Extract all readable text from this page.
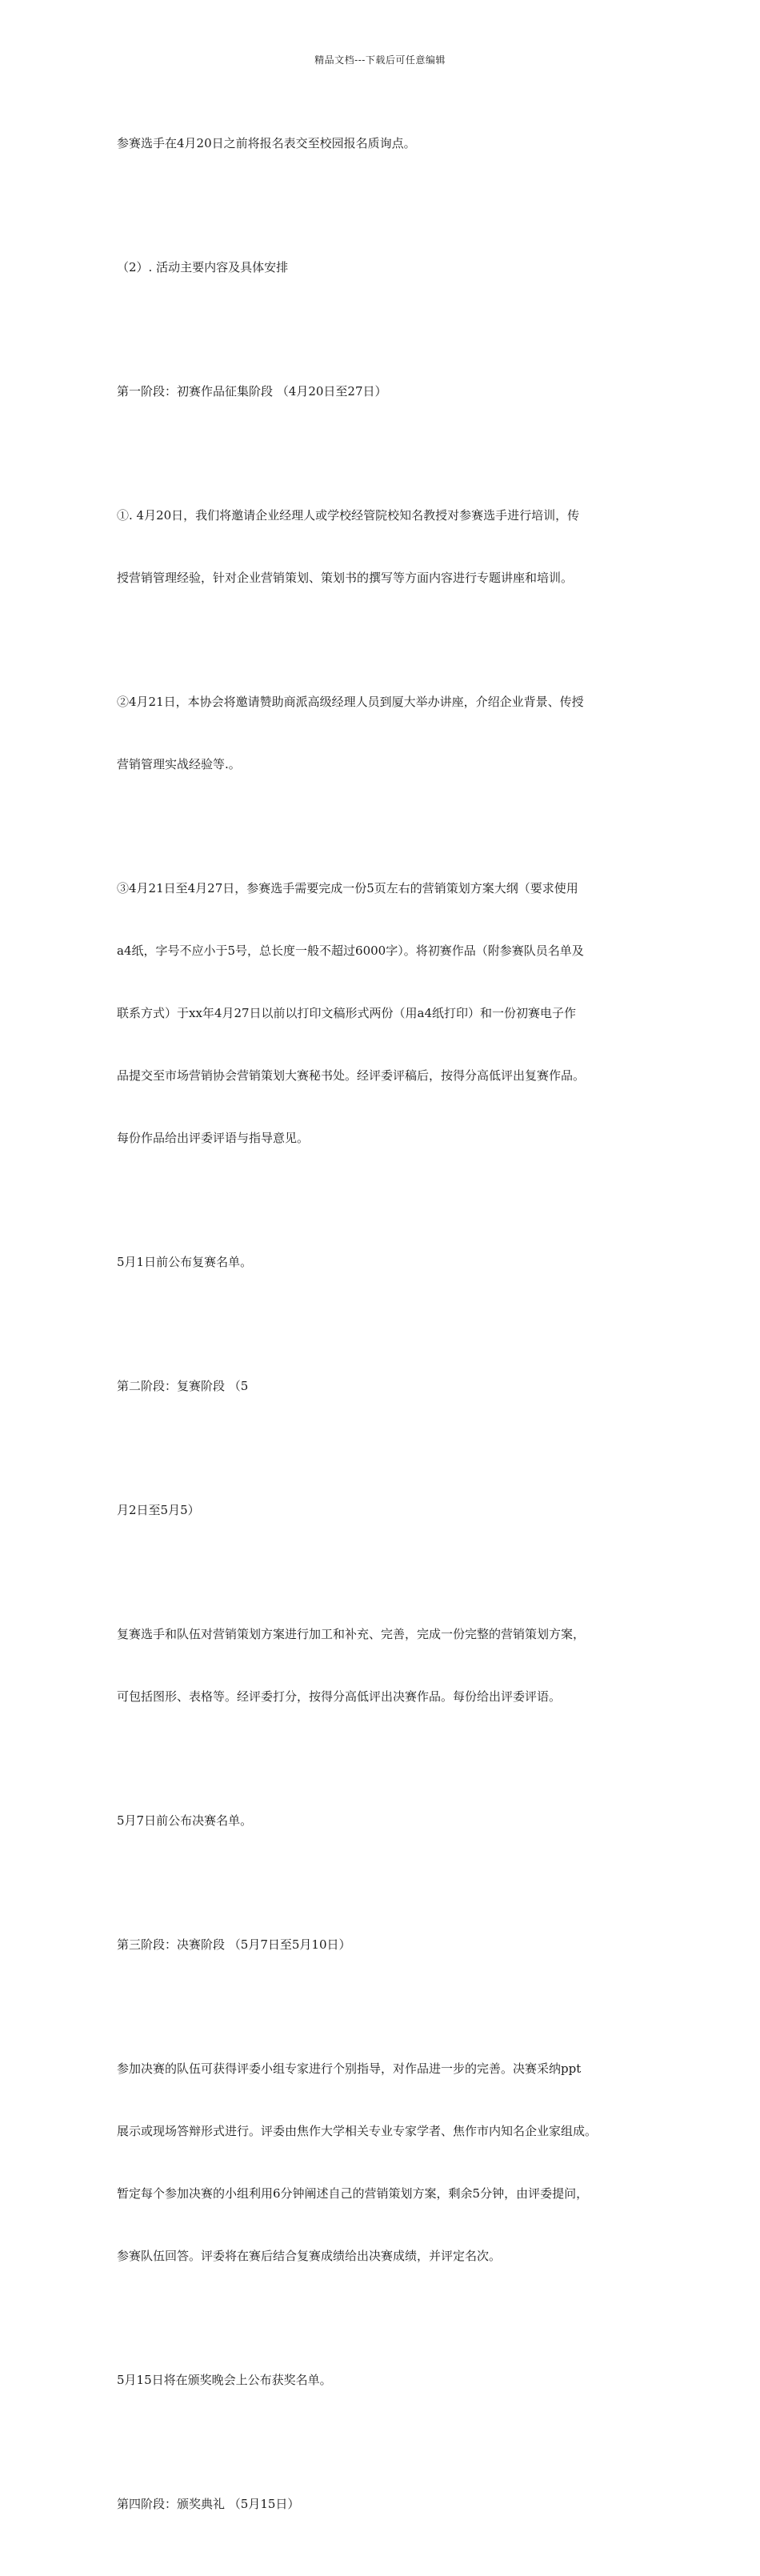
精品文档---下载后可任意编辑

参赛选手在4月20日之前将报名表交至校园报名质询点。

（2）. 活动主要内容及具体安排

第一阶段：初赛作品征集阶段 （4月20日至27日）

①. 4月20日，我们将邀请企业经理人或学校经管院校知名教授对参赛选手进行培训，传

授营销管理经验，针对企业营销策划、策划书的撰写等方面内容进行专题讲座和培训。

②4月21日，本协会将邀请赞助商派高级经理人员到厦大举办讲座，介绍企业背景、传授

营销管理实战经验等.。

③4月21日至4月27日，参赛选手需要完成一份5页左右的营销策划方案大纲（要求使用

a4纸，字号不应小于5号，总长度一般不超过6000字）。将初赛作品（附参赛队员名单及

联系方式）于xx年4月27日以前以打印文稿形式两份（用a4纸打印）和一份初赛电子作

品提交至市场营销协会营销策划大赛秘书处。经评委评稿后，按得分高低评出复赛作品。

每份作品给出评委评语与指导意见。

5月1日前公布复赛名单。

第二阶段：复赛阶段 （5

月2日至5月5）

复赛选手和队伍对营销策划方案进行加工和补充、完善，完成一份完整的营销策划方案，

可包括图形、表格等。经评委打分，按得分高低评出决赛作品。每份给出评委评语。

5月7日前公布决赛名单。

第三阶段：决赛阶段 （5月7日至5月10日）

参加决赛的队伍可获得评委小组专家进行个别指导，对作品进一步的完善。决赛采纳ppt

展示或现场答辩形式进行。评委由焦作大学相关专业专家学者、焦作市内知名企业家组成。

暂定每个参加决赛的小组利用6分钟阐述自己的营销策划方案，剩余5分钟，由评委提问，

参赛队伍回答。评委将在赛后结合复赛成绩给出决赛成绩，并评定名次。

5月15日将在颁奖晚会上公布获奖名单。

第四阶段：颁奖典礼 （5月15日）
